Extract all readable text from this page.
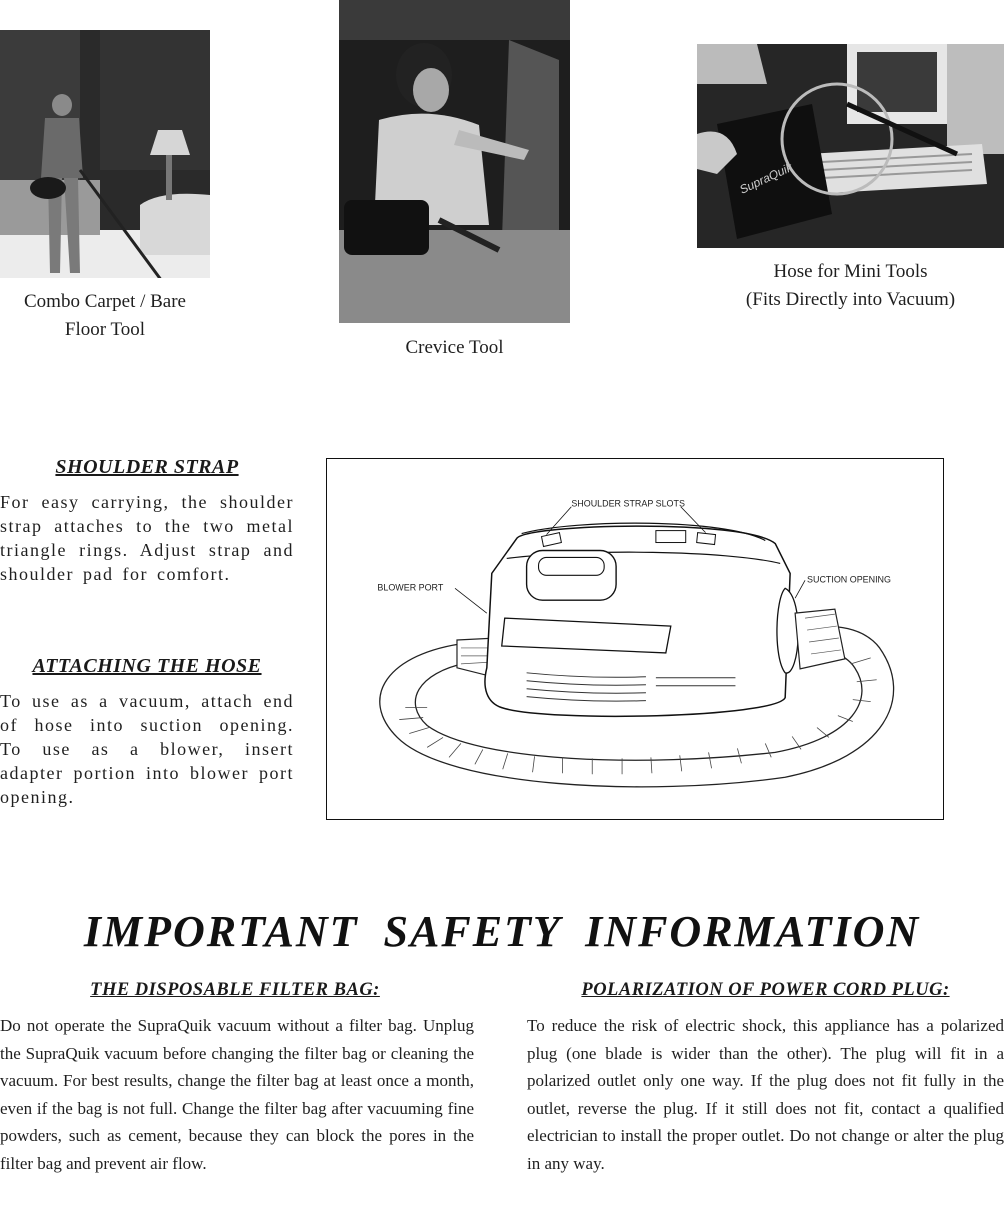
Combo Carpet / Bare
Floor Tool
Crevice Tool
SupraQuik
Hose for Mini Tools
(Fits Directly into Vacuum)
SHOULDER STRAP
For easy carrying, the shoulder strap attaches to the two metal triangle rings. Adjust strap and shoulder pad for comfort.
ATTACHING THE HOSE
To use as a vacuum, attach end of hose into suction opening. To use as a blower, insert adapter portion into blower port opening.
SHOULDER STRAP SLOTS
BLOWER PORT
SUCTION OPENING
IMPORTANT SAFETY INFORMATION
THE DISPOSABLE FILTER BAG:
Do not operate the SupraQuik vacuum without a filter bag. Unplug the SupraQuik vacuum before changing the filter bag or cleaning the vacuum. For best results, change the filter bag at least once a month, even if the bag is not full. Change the filter bag after vacuuming fine powders, such as cement, because they can block the pores in the filter bag and prevent air flow.
POLARIZATION OF POWER CORD PLUG:
To reduce the risk of electric shock, this appliance has a polarized plug (one blade is wider than the other). The plug will fit in a polarized outlet only one way. If the plug does not fit fully in the outlet, reverse the plug. If it still does not fit, contact a qualified electrician to install the proper outlet. Do not change or alter the plug in any way.
